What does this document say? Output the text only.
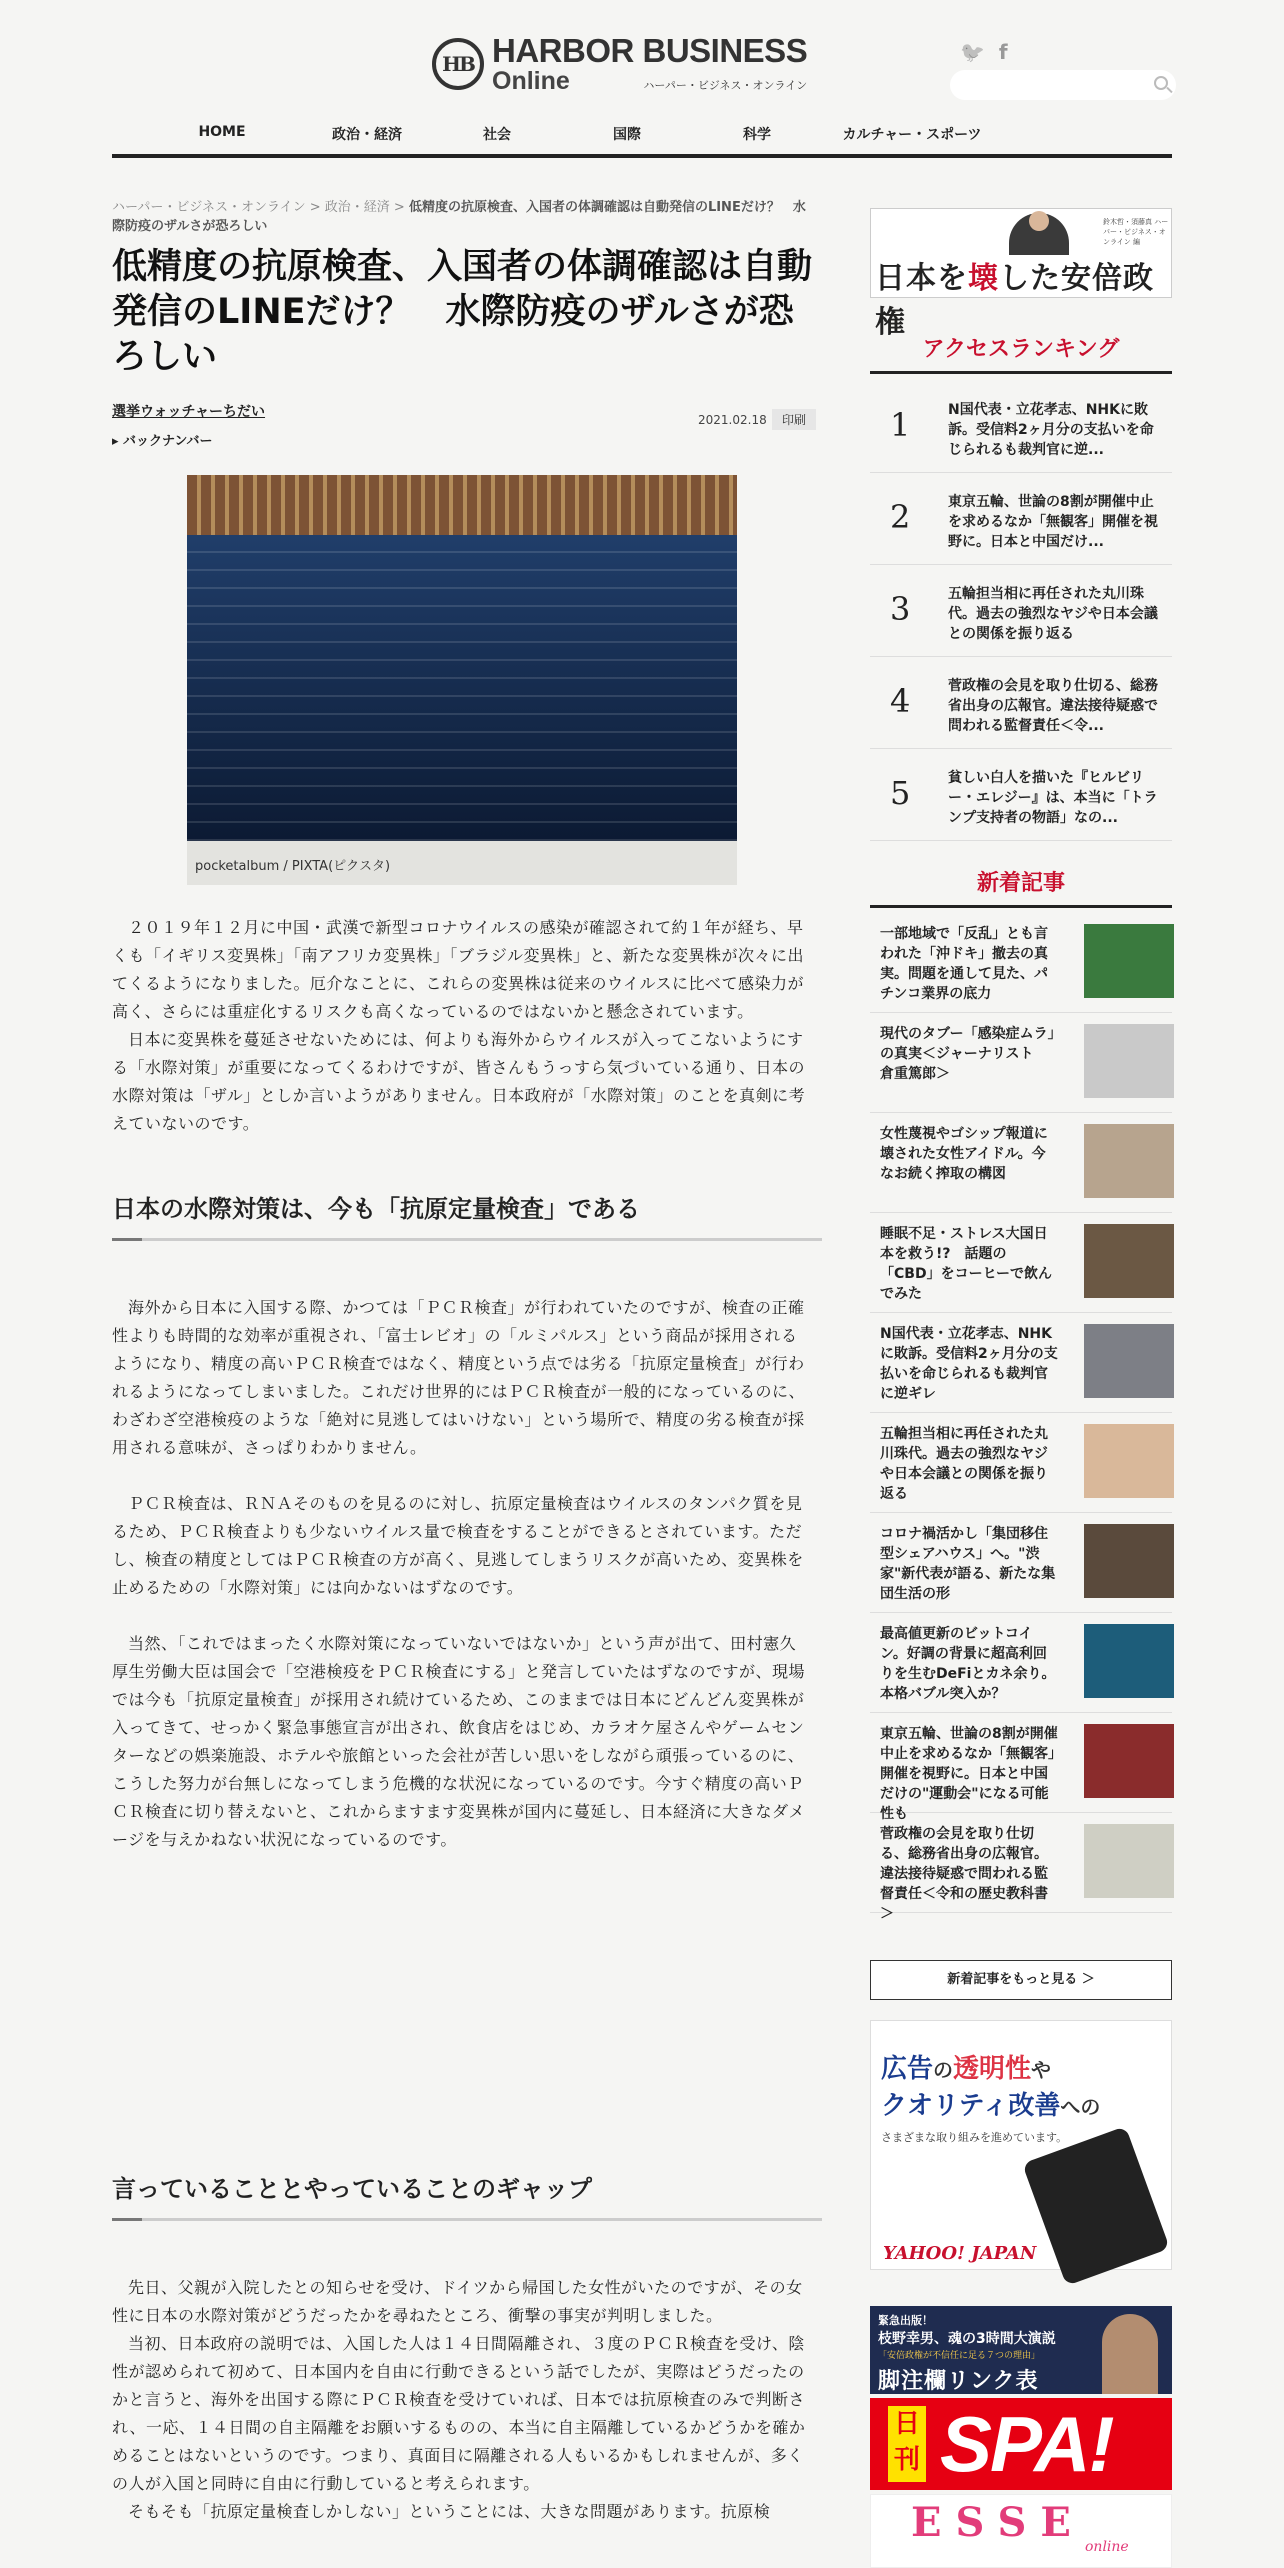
HB HARBOR BUSINESS
Online	ハーパー・ビジネス・オンライン
🐦 f
HOME	政治・経済	社会	国際	科学	カルチャー・スポーツ
ハーパー・ビジネス・オンライン > 政治・経済 > 低精度の抗原検査、入国者の体調確認は自動発信のLINEだけ？　水際防疫のザルさが恐ろしい
低精度の抗原検査、入国者の体調確認は自動発信のLINEだけ？　水際防疫のザルさが恐ろしい
選挙ウォッチャーちだい
▸ バックナンバー
2021.02.18	印刷
pocketalbum / PIXTA(ピクスタ)

２０１９年１２月に中国・武漢で新型コロナウイルスの感染が確認されて約１年が経ち、早くも「イギリス変異株」「南アフリカ変異株」「ブラジル変異株」と、新たな変異株が次々に出てくるようになりました。厄介なことに、これらの変異株は従来のウイルスに比べて感染力が高く、さらには重症化するリスクも高くなっているのではないかと懸念されています。

日本に変異株を蔓延させないためには、何よりも海外からウイルスが入ってこないようにする「水際対策」が重要になってくるわけですが、皆さんもうっすら気づいている通り、日本の水際対策は「ザル」としか言いようがありません。日本政府が「水際対策」のことを真剣に考えていないのです。

日本の水際対策は、今も「抗原定量検査」である

海外から日本に入国する際、かつては「ＰＣＲ検査」が行われていたのですが、検査の正確性よりも時間的な効率が重視され、「富士レビオ」の「ルミパルス」という商品が採用されるようになり、精度の高いＰＣＲ検査ではなく、精度という点では劣る「抗原定量検査」が行われるようになってしまいました。これだけ世界的にはＰＣＲ検査が一般的になっているのに、わざわざ空港検疫のような「絶対に見逃してはいけない」という場所で、精度の劣る検査が採用される意味が、さっぱりわかりません。

ＰＣＲ検査は、ＲＮＡそのものを見るのに対し、抗原定量検査はウイルスのタンパク質を見るため、ＰＣＲ検査よりも少ないウイルス量で検査をすることができるとされています。ただし、検査の精度としてはＰＣＲ検査の方が高く、見逃してしまうリスクが高いため、変異株を止めるための「水際対策」には向かないはずなのです。

当然、「これではまったく水際対策になっていないではないか」という声が出て、田村憲久厚生労働大臣は国会で「空港検疫をＰＣＲ検査にする」と発言していたはずなのですが、現場では今も「抗原定量検査」が採用され続けているため、このままでは日本にどんどん変異株が入ってきて、せっかく緊急事態宣言が出され、飲食店をはじめ、カラオケ屋さんやゲームセンターなどの娯楽施設、ホテルや旅館といった会社が苦しい思いをしながら頑張っているのに、こうした努力が台無しになってしまう危機的な状況になっているのです。今すぐ精度の高いＰＣＲ検査に切り替えないと、これからますます変異株が国内に蔓延し、日本経済に大きなダメージを与えかねない状況になっているのです。

言っていることとやっていることのギャップ

先日、父親が入院したとの知らせを受け、ドイツから帰国した女性がいたのですが、その女性に日本の水際対策がどうだったかを尋ねたところ、衝撃の事実が判明しました。

当初、日本政府の説明では、入国した人は１４日間隔離され、３度のＰＣＲ検査を受け、陰性が認められて初めて、日本国内を自由に行動できるという話でしたが、実際はどうだったのかと言うと、海外を出国する際にＰＣＲ検査を受けていれば、日本では抗原検査のみで判断され、一応、１４日間の自主隔離をお願いするものの、本当に自主隔離しているかどうかを確かめることはないというのです。つまり、真面目に隔離される人もいるかもしれませんが、多くの人が入国と同時に自由に行動していると考えられます。

そもそも「抗原定量検査しかしない」ということには、大きな問題があります。抗原検

鈴木哲・須藤真 ハーパー・ビジネス・オンライン 編
日本を壊した安倍政権
アクセスランキング
1	N国代表・立花孝志、NHKに敗訴。受信料2ヶ月分の支払いを命じられるも裁判官に逆...
2	東京五輪、世論の8割が開催中止を求めるなか「無観客」開催を視野に。日本と中国だけ...
3	五輪担当相に再任された丸川珠代。過去の強烈なヤジや日本会議との関係を振り返る
4	菅政権の会見を取り仕切る、総務省出身の広報官。違法接待疑惑で問われる監督責任＜令...
5	貧しい白人を描いた『ヒルビリー・エレジー』は、本当に「トランプ支持者の物語」なの...
新着記事
一部地域で「反乱」とも言われた「沖ドキ」撤去の真実。問題を通して見た、パチンコ業界の底力
現代のタブー「感染症ムラ」の真実＜ジャーナリスト　倉重篤郎＞
女性蔑視やゴシップ報道に壊された女性アイドル。今なお続く搾取の構図
睡眠不足・ストレス大国日本を救う!?　話題の「CBD」をコーヒーで飲んでみた
N国代表・立花孝志、NHKに敗訴。受信料2ヶ月分の支払いを命じられるも裁判官に逆ギレ
五輪担当相に再任された丸川珠代。過去の強烈なヤジや日本会議との関係を振り返る
コロナ禍活かし「集団移住型シェアハウス」へ。"渋家"新代表が語る、新たな集団生活の形
最高値更新のビットコイン。好調の背景に超高利回りを生むDeFiとカネ余り。本格バブル突入か？
東京五輪、世論の8割が開催中止を求めるなか「無観客」開催を視野に。日本と中国だけの"運動会"になる可能性も
菅政権の会見を取り仕切る、総務省出身の広報官。違法接待疑惑で問われる監督責任＜令和の歴史教科書＞
新着記事をもっと見る ＞
広告の透明性や
クオリティ改善への
さまざまな取り組みを進めています。
YAHOO! JAPAN
緊急出版！
枝野幸男、魂の3時間大演説
「安倍政権が不信任に足る７つの理由」
脚注欄リンク表
日刊 SPA!
ESSE
online
